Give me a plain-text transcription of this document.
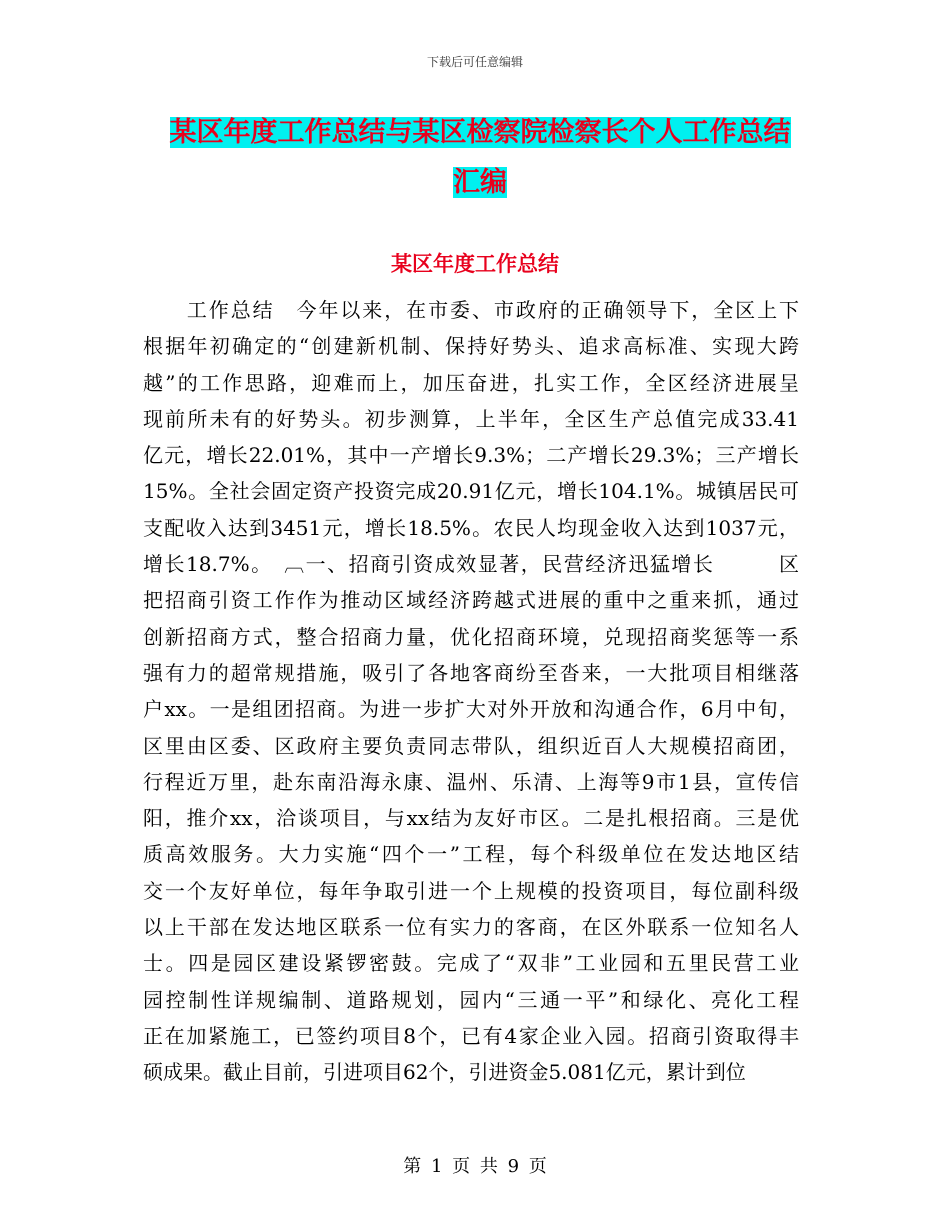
下载后可任意编辑
某区年度工作总结与某区检察院检察长个人工作总结
汇编
某区年度工作总结
　　工作总结　今年以来，在市委、市政府的正确领导下，全区上下
根据年初确定的“创建新机制、保持好势头、追求高标准、实现大跨
越”的工作思路，迎难而上，加压奋进，扎实工作，全区经济进展呈
现前所未有的好势头。初步测算，上半年，全区生产总值完成33.41
亿元，增长22.01%，其中一产增长9.3%；二产增长29.3%；三产增长
15%。全社会固定资产投资完成20.91亿元，增长104.1%。城镇居民可
支配收入达到3451元，增长18.5%。农民人均现金收入达到1037元，
增长18.7%。　︹一、招商引资成效显著，民营经济迅猛增长　　　区
把招商引资工作作为推动区域经济跨越式进展的重中之重来抓，通过
创新招商方式，整合招商力量，优化招商环境，兑现招商奖惩等一系
强有力的超常规措施，吸引了各地客商纷至沓来，一大批项目相继落
户xx。一是组团招商。为进一步扩大对外开放和沟通合作，6月中旬，
区里由区委、区政府主要负责同志带队，组织近百人大规模招商团，
行程近万里，赴东南沿海永康、温州、乐清、上海等9市1县，宣传信
阳，推介xx，洽谈项目，与xx结为友好市区。二是扎根招商。三是优
质高效服务。大力实施“四个一”工程，每个科级单位在发达地区结
交一个友好单位，每年争取引进一个上规模的投资项目，每位副科级
以上干部在发达地区联系一位有实力的客商，在区外联系一位知名人
士。四是园区建设紧锣密鼓。完成了“双非”工业园和五里民营工业
园控制性详规编制、道路规划，园内“三通一平”和绿化、亮化工程
正在加紧施工，已签约项目8个，已有4家企业入园。招商引资取得丰
硕成果。截止目前，引进项目62个，引进资金5.081亿元，累计到位
第 1 页 共 9 页
